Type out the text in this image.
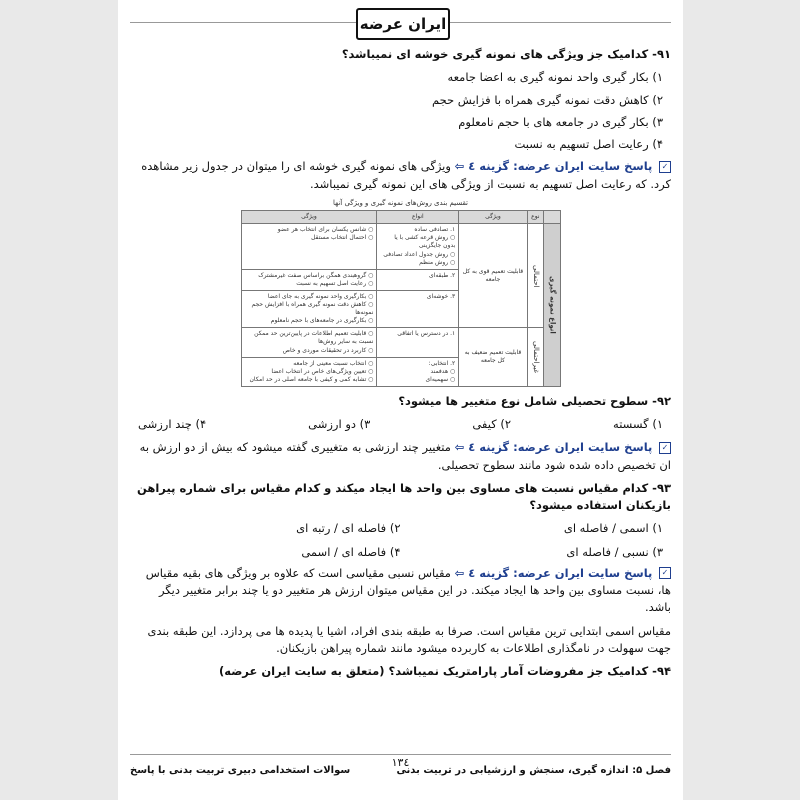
ایران عرضه

۹۱- کدامیک جز ویژگی های نمونه گیری خوشه ای نمیباشد؟

۱) بکار گیری واحد نمونه گیری به اعضا جامعه

۲) کاهش دقت نمونه گیری همراه با فزایش حجم

۳) بکار گیری در جامعه های با حجم نامعلوم

۴) رعایت اصل تسهیم به نسبت

✓ پاسخ سایت ایران عرضه: گزینه ٤ ⇦ ویژگی های نمونه گیری خوشه ای را میتوان در جدول زیر مشاهده کرد. که رعایت اصل تسهیم به نسبت از ویژگی های این نمونه گیری نمیباشد.

تقسیم بندی روش‌های نمونه گیری و ویژگی آنها
	نوع	ویژگی	انواع	ویژگی
انواع نمونه گیری	احتمالی	قابلیت تعمیم قوی به کل جامعه	۱. تصادفی ساده
○ روش قرعه کشی با یا بدون جایگزینی
○ روش جدول اعداد تصادفی
○ روش منظم	○ شانس یکسان برای انتخاب هر عضو
○ احتمال انتخاب مستقل
			۲. طبقه‌ای	○ گروهبندی همگن براساس صفت غیرمشترک
○ رعایت اصل تسهیم به نسبت
			۳. خوشه‌ای	○ بکارگیری واحد نمونه گیری به جای اعضا
○ کاهش دقت نمونه گیری همراه با افزایش حجم نمونه‌ها
○ بکارگیری در جامعه‌های با حجم نامعلوم
	غیراحتمالی	قابلیت تعمیم ضعیف به کل جامعه	۱. در دسترس یا اتفاقی	○ قابلیت تعمیم اطلاعات در پایین‌ترین حد ممکن نسبت به سایر روش‌ها
○ کاربرد در تحقیقات موردی و خاص
			۲. انتخابی:
○ هدفمند
○ سهمیه‌ای	○ انتخاب نسبت معینی از جامعه
○ تعیین ویژگی‌های خاص در انتخاب اعضا
○ تشابه کمی و کیفی با جامعه اصلی در حد امکان

۹۲- سطوح تحصیلی شامل نوع متغییر ها میشود؟

۱) گسسته
۲) کیفی
۳) دو ارزشی
۴) چند ارزشی

✓ پاسخ سایت ایران عرضه: گزینه ٤ ⇦ متغییر چند ارزشی به متغییری گفته میشود که بیش از دو ارزش به ان تخصیص داده شده شود مانند سطوح تحصیلی.

۹۳- کدام مقیاس نسبت های مساوی بین واحد ها ایجاد میکند و کدام مقیاس برای شماره پیراهن بازیکنان استفاده میشود؟

۱) اسمی / فاصله ای
۲) فاصله ای / رتبه ای
۳) نسبی / فاصله ای
۴) فاصله ای / اسمی

✓ پاسخ سایت ایران عرضه: گزینه ٤ ⇦ مقیاس نسبی مقیاسی است که علاوه بر ویژگی های بقیه مقیاس ها، نسبت مساوی بین واحد ها ایجاد میکند. در این مقیاس میتوان ارزش هر متغییر دو یا چند برابر متغییر دیگر باشد.

مقیاس اسمی ابتدایی ترین مقیاس است. صرفا به طبقه بندی افراد، اشیا یا پدیده ها می پردازد. این طبقه بندی جهت سهولت در نامگذاری اطلاعات به کاربرده میشود مانند شماره پیراهن بازیکنان.

۹۴- کدامیک جز مفروضات آمار پارامتریک نمیباشد؟ (متعلق به سایت ایران عرضه)

١٣٤
فصل ۵: اندازه گیری، سنجش و ارزشیابی در تربیت بدنی
سوالات استخدامی دبیری تربیت بدنی با پاسخ
